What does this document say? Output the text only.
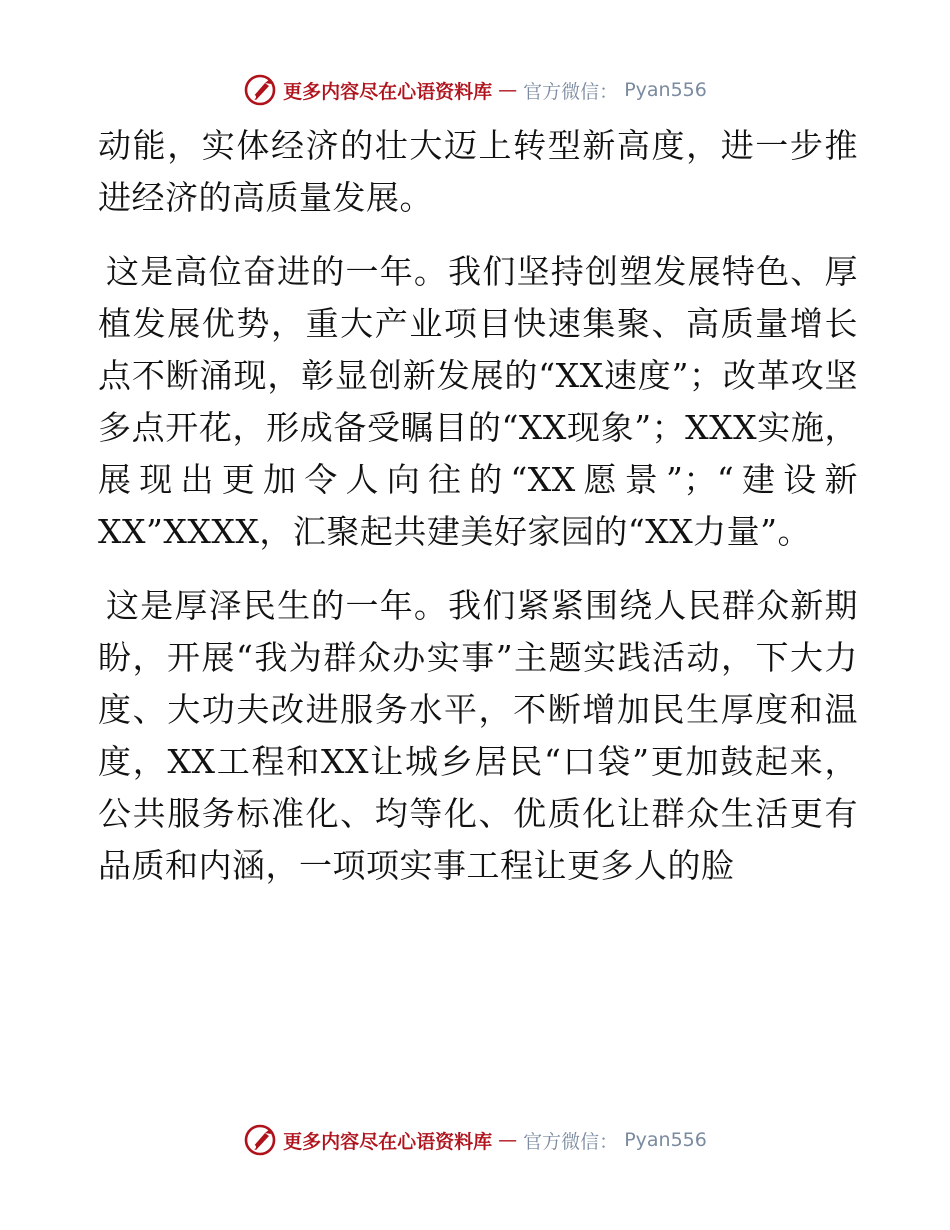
更多内容尽在心语资料库 — 官方微信： Pyan556

动能，实体经济的壮大迈上转型新高度，进一步推进经济的高质量发展。

这是高位奋进的一年。我们坚持创塑发展特色、厚植发展优势，重大产业项目快速集聚、高质量增长点不断涌现，彰显创新发展的“XX速度”；改革攻坚多点开花，形成备受瞩目的“XX现象”；XXX实施，展现出更加令人向往的“XX愿景”；“建设新XX”XXXX，汇聚起共建美好家园的“XX力量”。

这是厚泽民生的一年。我们紧紧围绕人民群众新期盼，开展“我为群众办实事”主题实践活动，下大力度、大功夫改进服务水平，不断增加民生厚度和温度，XX工程和XX让城乡居民“口袋”更加鼓起来，公共服务标准化、均等化、优质化让群众生活更有品质和内涵，一项项实事工程让更多人的脸

更多内容尽在心语资料库 — 官方微信： Pyan556
